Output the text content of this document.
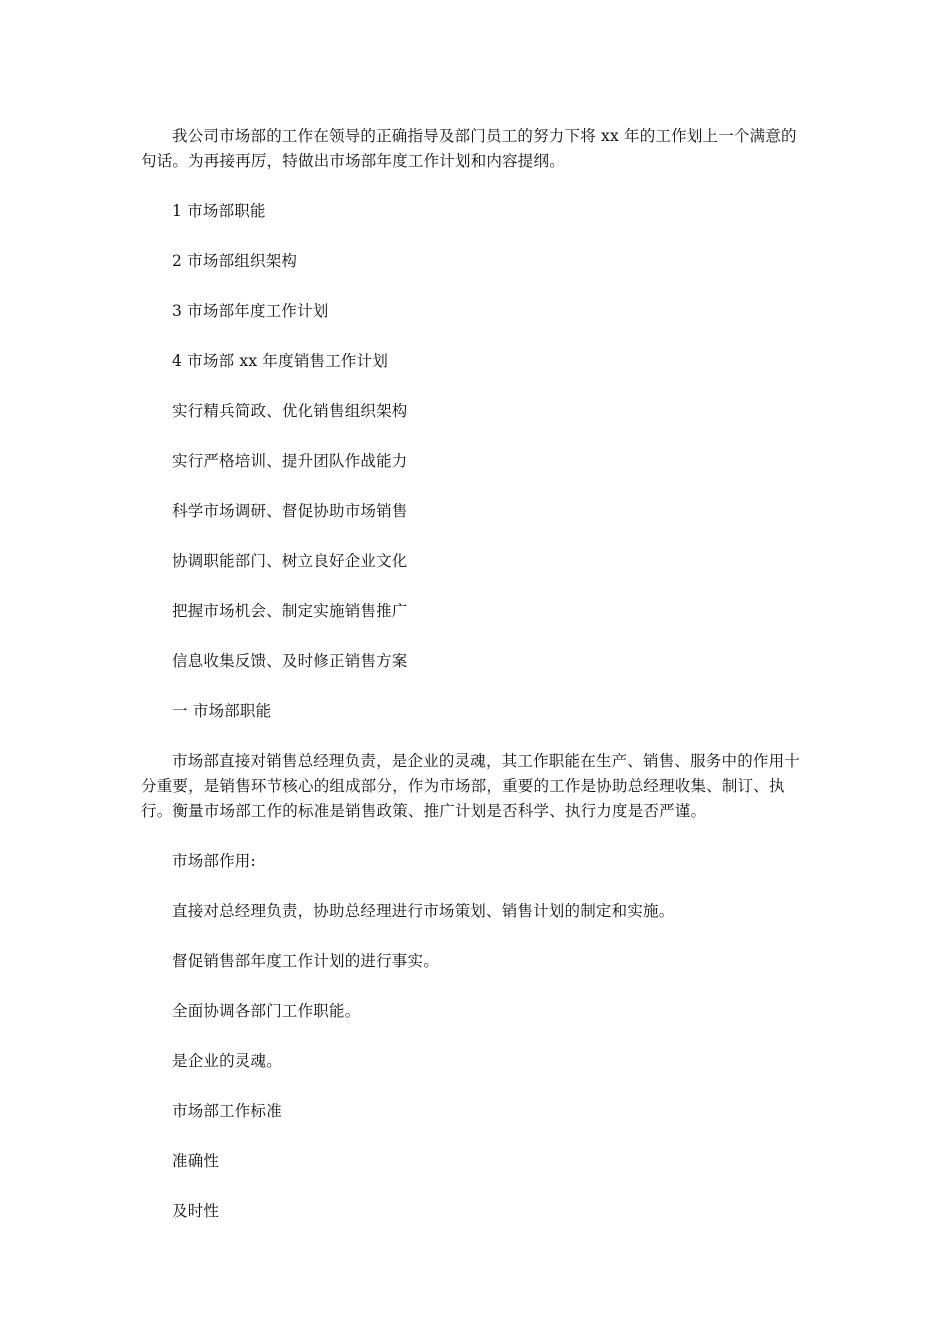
我公司市场部的工作在领导的正确指导及部门员工的努力下将 xx 年的工作划上一个满意的句话。为再接再厉，特做出市场部年度工作计划和内容提纲。

1 市场部职能

2 市场部组织架构

3 市场部年度工作计划

4 市场部 xx 年度销售工作计划

实行精兵简政、优化销售组织架构

实行严格培训、提升团队作战能力

科学市场调研、督促协助市场销售

协调职能部门、树立良好企业文化

把握市场机会、制定实施销售推广

信息收集反馈、及时修正销售方案

一 市场部职能

市场部直接对销售总经理负责，是企业的灵魂，其工作职能在生产、销售、服务中的作用十分重要，是销售环节核心的组成部分，作为市场部，重要的工作是协助总经理收集、制订、执行。衡量市场部工作的标准是销售政策、推广计划是否科学、执行力度是否严谨。

市场部作用:

直接对总经理负责，协助总经理进行市场策划、销售计划的制定和实施。

督促销售部年度工作计划的进行事实。

全面协调各部门工作职能。

是企业的灵魂。

市场部工作标准

准确性

及时性
